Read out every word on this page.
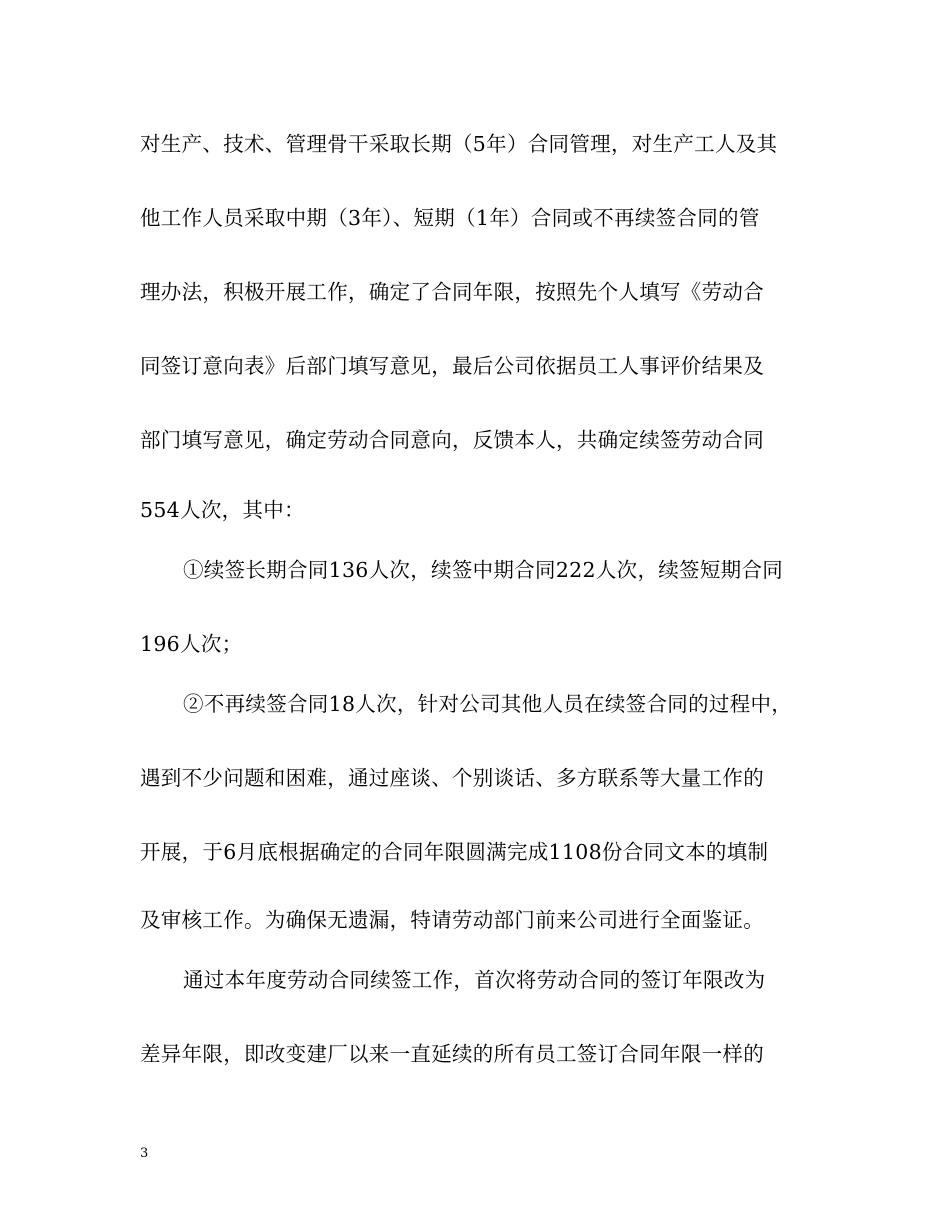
对生产、技术、管理骨干采取长期（5年）合同管理，对生产工人及其
他工作人员采取中期（3年）、短期（1年）合同或不再续签合同的管
理办法，积极开展工作，确定了合同年限，按照先个人填写《劳动合
同签订意向表》后部门填写意见，最后公司依据员工人事评价结果及
部门填写意见，确定劳动合同意向，反馈本人，共确定续签劳动合同
554人次，其中：
①续签长期合同136人次，续签中期合同222人次，续签短期合同
196人次；
②不再续签合同18人次，针对公司其他人员在续签合同的过程中，
遇到不少问题和困难，通过座谈、个别谈话、多方联系等大量工作的
开展，于6月底根据确定的合同年限圆满完成1108份合同文本的填制
及审核工作。为确保无遗漏，特请劳动部门前来公司进行全面鉴证。
通过本年度劳动合同续签工作，首次将劳动合同的签订年限改为
差异年限，即改变建厂以来一直延续的所有员工签订合同年限一样的
3
